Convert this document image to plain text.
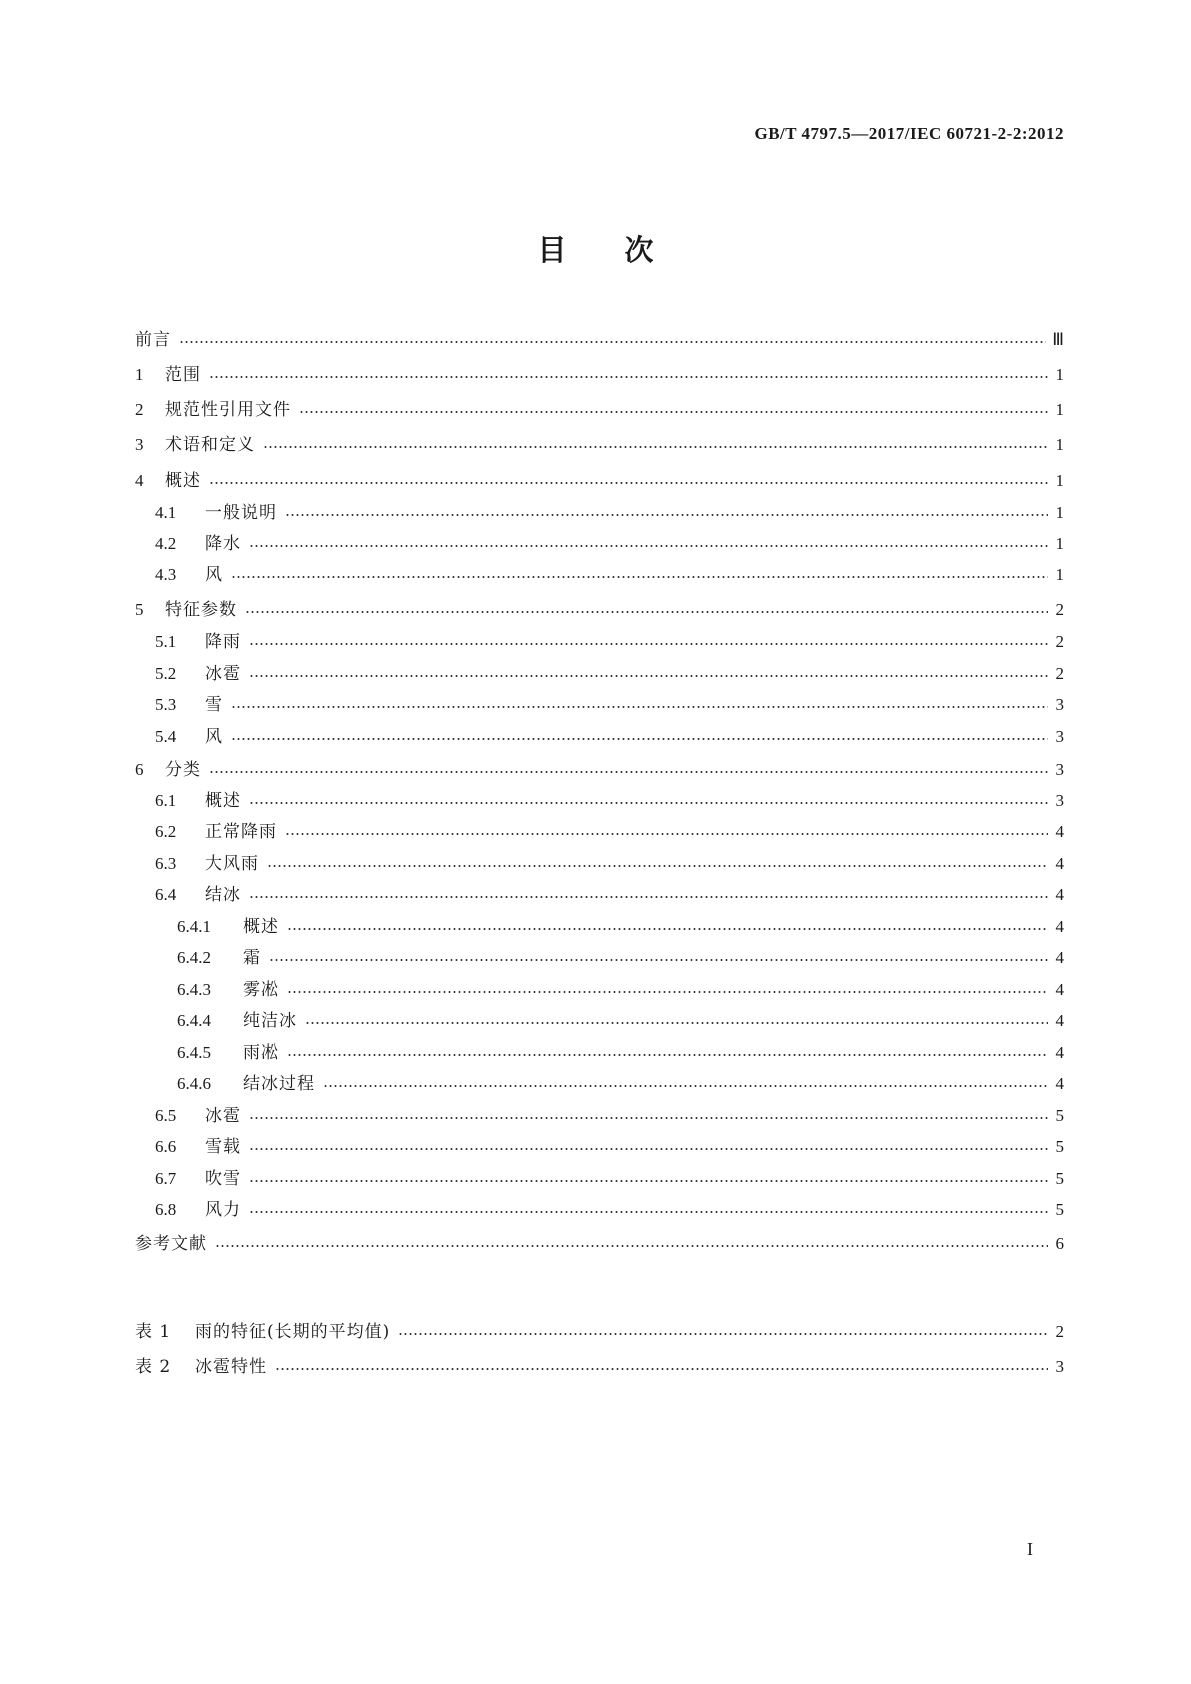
GB/T 4797.5—2017/IEC 60721-2-2:2012
目次
前言	Ⅲ
1	范围	1
2	规范性引用文件	1
3	术语和定义	1
4	概述	1
4.1	一般说明	1
4.2	降水	1
4.3	风	1
5	特征参数	2
5.1	降雨	2
5.2	冰雹	2
5.3	雪	3
5.4	风	3
6	分类	3
6.1	概述	3
6.2	正常降雨	4
6.3	大风雨	4
6.4	结冰	4
6.4.1	概述	4
6.4.2	霜	4
6.4.3	雾凇	4
6.4.4	纯洁冰	4
6.4.5	雨凇	4
6.4.6	结冰过程	4
6.5	冰雹	5
6.6	雪载	5
6.7	吹雪	5
6.8	风力	5
参考文献	6
表 1	雨的特征(长期的平均值)	2
表 2	冰雹特性	3
I
